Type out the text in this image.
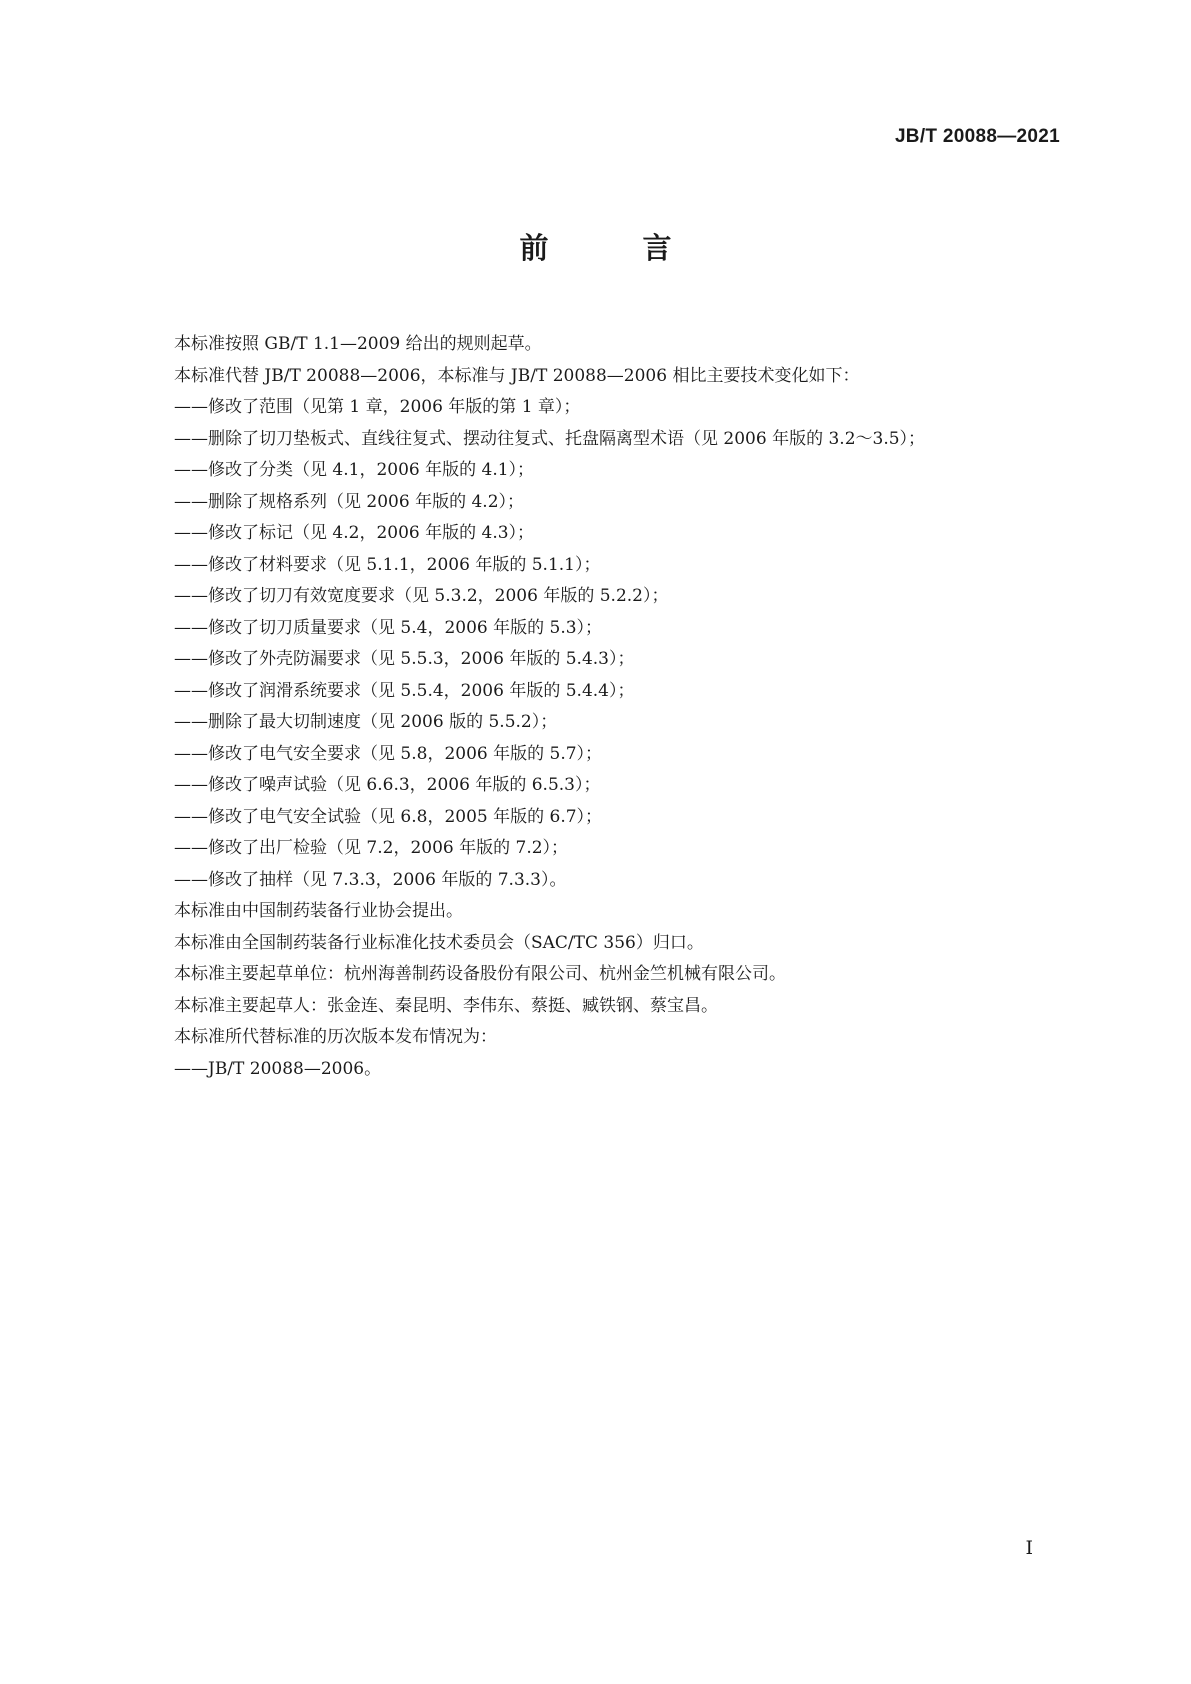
JB/T 20088—2021
前 言
本标准按照 GB/T 1.1—2009 给出的规则起草。
本标准代替 JB/T 20088—2006，本标准与 JB/T 20088—2006 相比主要技术变化如下：
——修改了范围（见第 1 章，2006 年版的第 1 章）；
——删除了切刀垫板式、直线往复式、摆动往复式、托盘隔离型术语（见 2006 年版的 3.2～3.5）；
——修改了分类（见 4.1，2006 年版的 4.1）；
——删除了规格系列（见 2006 年版的 4.2）；
——修改了标记（见 4.2，2006 年版的 4.3）；
——修改了材料要求（见 5.1.1，2006 年版的 5.1.1）；
——修改了切刀有效宽度要求（见 5.3.2，2006 年版的 5.2.2）；
——修改了切刀质量要求（见 5.4，2006 年版的 5.3）；
——修改了外壳防漏要求（见 5.5.3，2006 年版的 5.4.3）；
——修改了润滑系统要求（见 5.5.4，2006 年版的 5.4.4）；
——删除了最大切制速度（见 2006 版的 5.5.2）；
——修改了电气安全要求（见 5.8，2006 年版的 5.7）；
——修改了噪声试验（见 6.6.3，2006 年版的 6.5.3）；
——修改了电气安全试验（见 6.8，2005 年版的 6.7）；
——修改了出厂检验（见 7.2，2006 年版的 7.2）；
——修改了抽样（见 7.3.3，2006 年版的 7.3.3）。
本标准由中国制药装备行业协会提出。
本标准由全国制药装备行业标准化技术委员会（SAC/TC 356）归口。
本标准主要起草单位：杭州海善制药设备股份有限公司、杭州金竺机械有限公司。
本标准主要起草人：张金连、秦昆明、李伟东、蔡挺、臧铁钢、蔡宝昌。
本标准所代替标准的历次版本发布情况为：
——JB/T 20088—2006。
I
